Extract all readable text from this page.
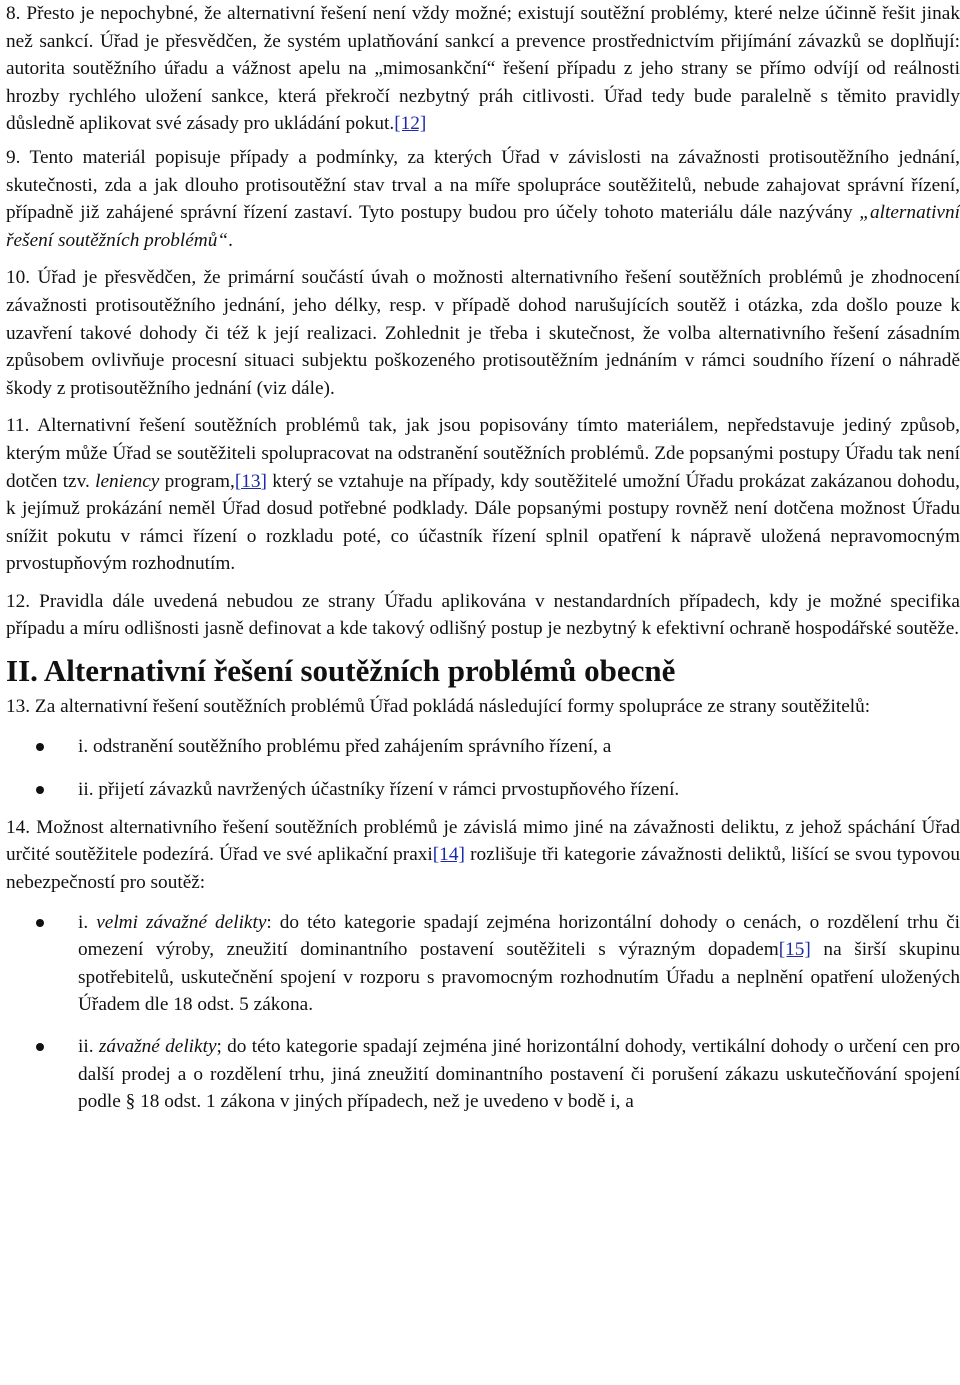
8. Přesto je nepochybné, že alternativní řešení není vždy možné; existují soutěžní problémy, které nelze účinně řešit jinak než sankcí. Úřad je přesvědčen, že systém uplatňování sankcí a prevence prostřednictvím přijímání závazků se doplňují: autorita soutěžního úřadu a vážnost apelu na „mimosankční“ řešení případu z jeho strany se přímo odvíjí od reálnosti hrozby rychlého uložení sankce, která překročí nezbytný práh citlivosti. Úřad tedy bude paralelně s těmito pravidly důsledně aplikovat své zásady pro ukládání pokut.[12]

9. Tento materiál popisuje případy a podmínky, za kterých Úřad v závislosti na závažnosti protisoutěžního jednání, skutečnosti, zda a jak dlouho protisoutěžní stav trval a na míře spolupráce soutěžitelů, nebude zahajovat správní řízení, případně již zahájené správní řízení zastaví. Tyto postupy budou pro účely tohoto materiálu dále nazývány „alternativní řešení soutěžních problémů“.

10. Úřad je přesvědčen, že primární součástí úvah o možnosti alternativního řešení soutěžních problémů je zhodnocení závažnosti protisoutěžního jednání, jeho délky, resp. v případě dohod narušujících soutěž i otázka, zda došlo pouze k uzavření takové dohody či též k její realizaci. Zohlednit je třeba i skutečnost, že volba alternativního řešení zásadním způsobem ovlivňuje procesní situaci subjektu poškozeného protisoutěžním jednáním v rámci soudního řízení o náhradě škody z protisoutěžního jednání (viz dále).

11. Alternativní řešení soutěžních problémů tak, jak jsou popisovány tímto materiálem, nepředstavuje jediný způsob, kterým může Úřad se soutěžiteli spolupracovat na odstranění soutěžních problémů. Zde popsanými postupy Úřadu tak není dotčen tzv. leniency program,[13] který se vztahuje na případy, kdy soutěžitelé umožní Úřadu prokázat zakázanou dohodu, k jejímuž prokázání neměl Úřad dosud potřebné podklady. Dále popsanými postupy rovněž není dotčena možnost Úřadu snížit pokutu v rámci řízení o rozkladu poté, co účastník řízení splnil opatření k nápravě uložená nepravomocným prvostupňovým rozhodnutím.

12. Pravidla dále uvedená nebudou ze strany Úřadu aplikována v nestandardních případech, kdy je možné specifika případu a míru odlišnosti jasně definovat a kde takový odlišný postup je nezbytný k efektivní ochraně hospodářské soutěže.

II. Alternativní řešení soutěžních problémů obecně

13. Za alternativní řešení soutěžních problémů Úřad pokládá následující formy spolupráce ze strany soutěžitelů:

i. odstranění soutěžního problému před zahájením správního řízení, a
ii. přijetí závazků navržených účastníky řízení v rámci prvostupňového řízení.

14. Možnost alternativního řešení soutěžních problémů je závislá mimo jiné na závažnosti deliktu, z jehož spáchání Úřad určité soutěžitele podezírá. Úřad ve své aplikační praxi[14] rozlišuje tři kategorie závažnosti deliktů, lišící se svou typovou nebezpečností pro soutěž:

i. velmi závažné delikty: do této kategorie spadají zejména horizontální dohody o cenách, o rozdělení trhu či omezení výroby, zneužití dominantního postavení soutěžiteli s výrazným dopadem[15] na širší skupinu spotřebitelů, uskutečnění spojení v rozporu s pravomocným rozhodnutím Úřadu a neplnění opatření uložených Úřadem dle 18 odst. 5 zákona.
ii. závažné delikty; do této kategorie spadají zejména jiné horizontální dohody, vertikální dohody o určení cen pro další prodej a o rozdělení trhu, jiná zneužití dominantního postavení či porušení zákazu uskutečňování spojení podle § 18 odst. 1 zákona v jiných případech, než je uvedeno v bodě i, a
